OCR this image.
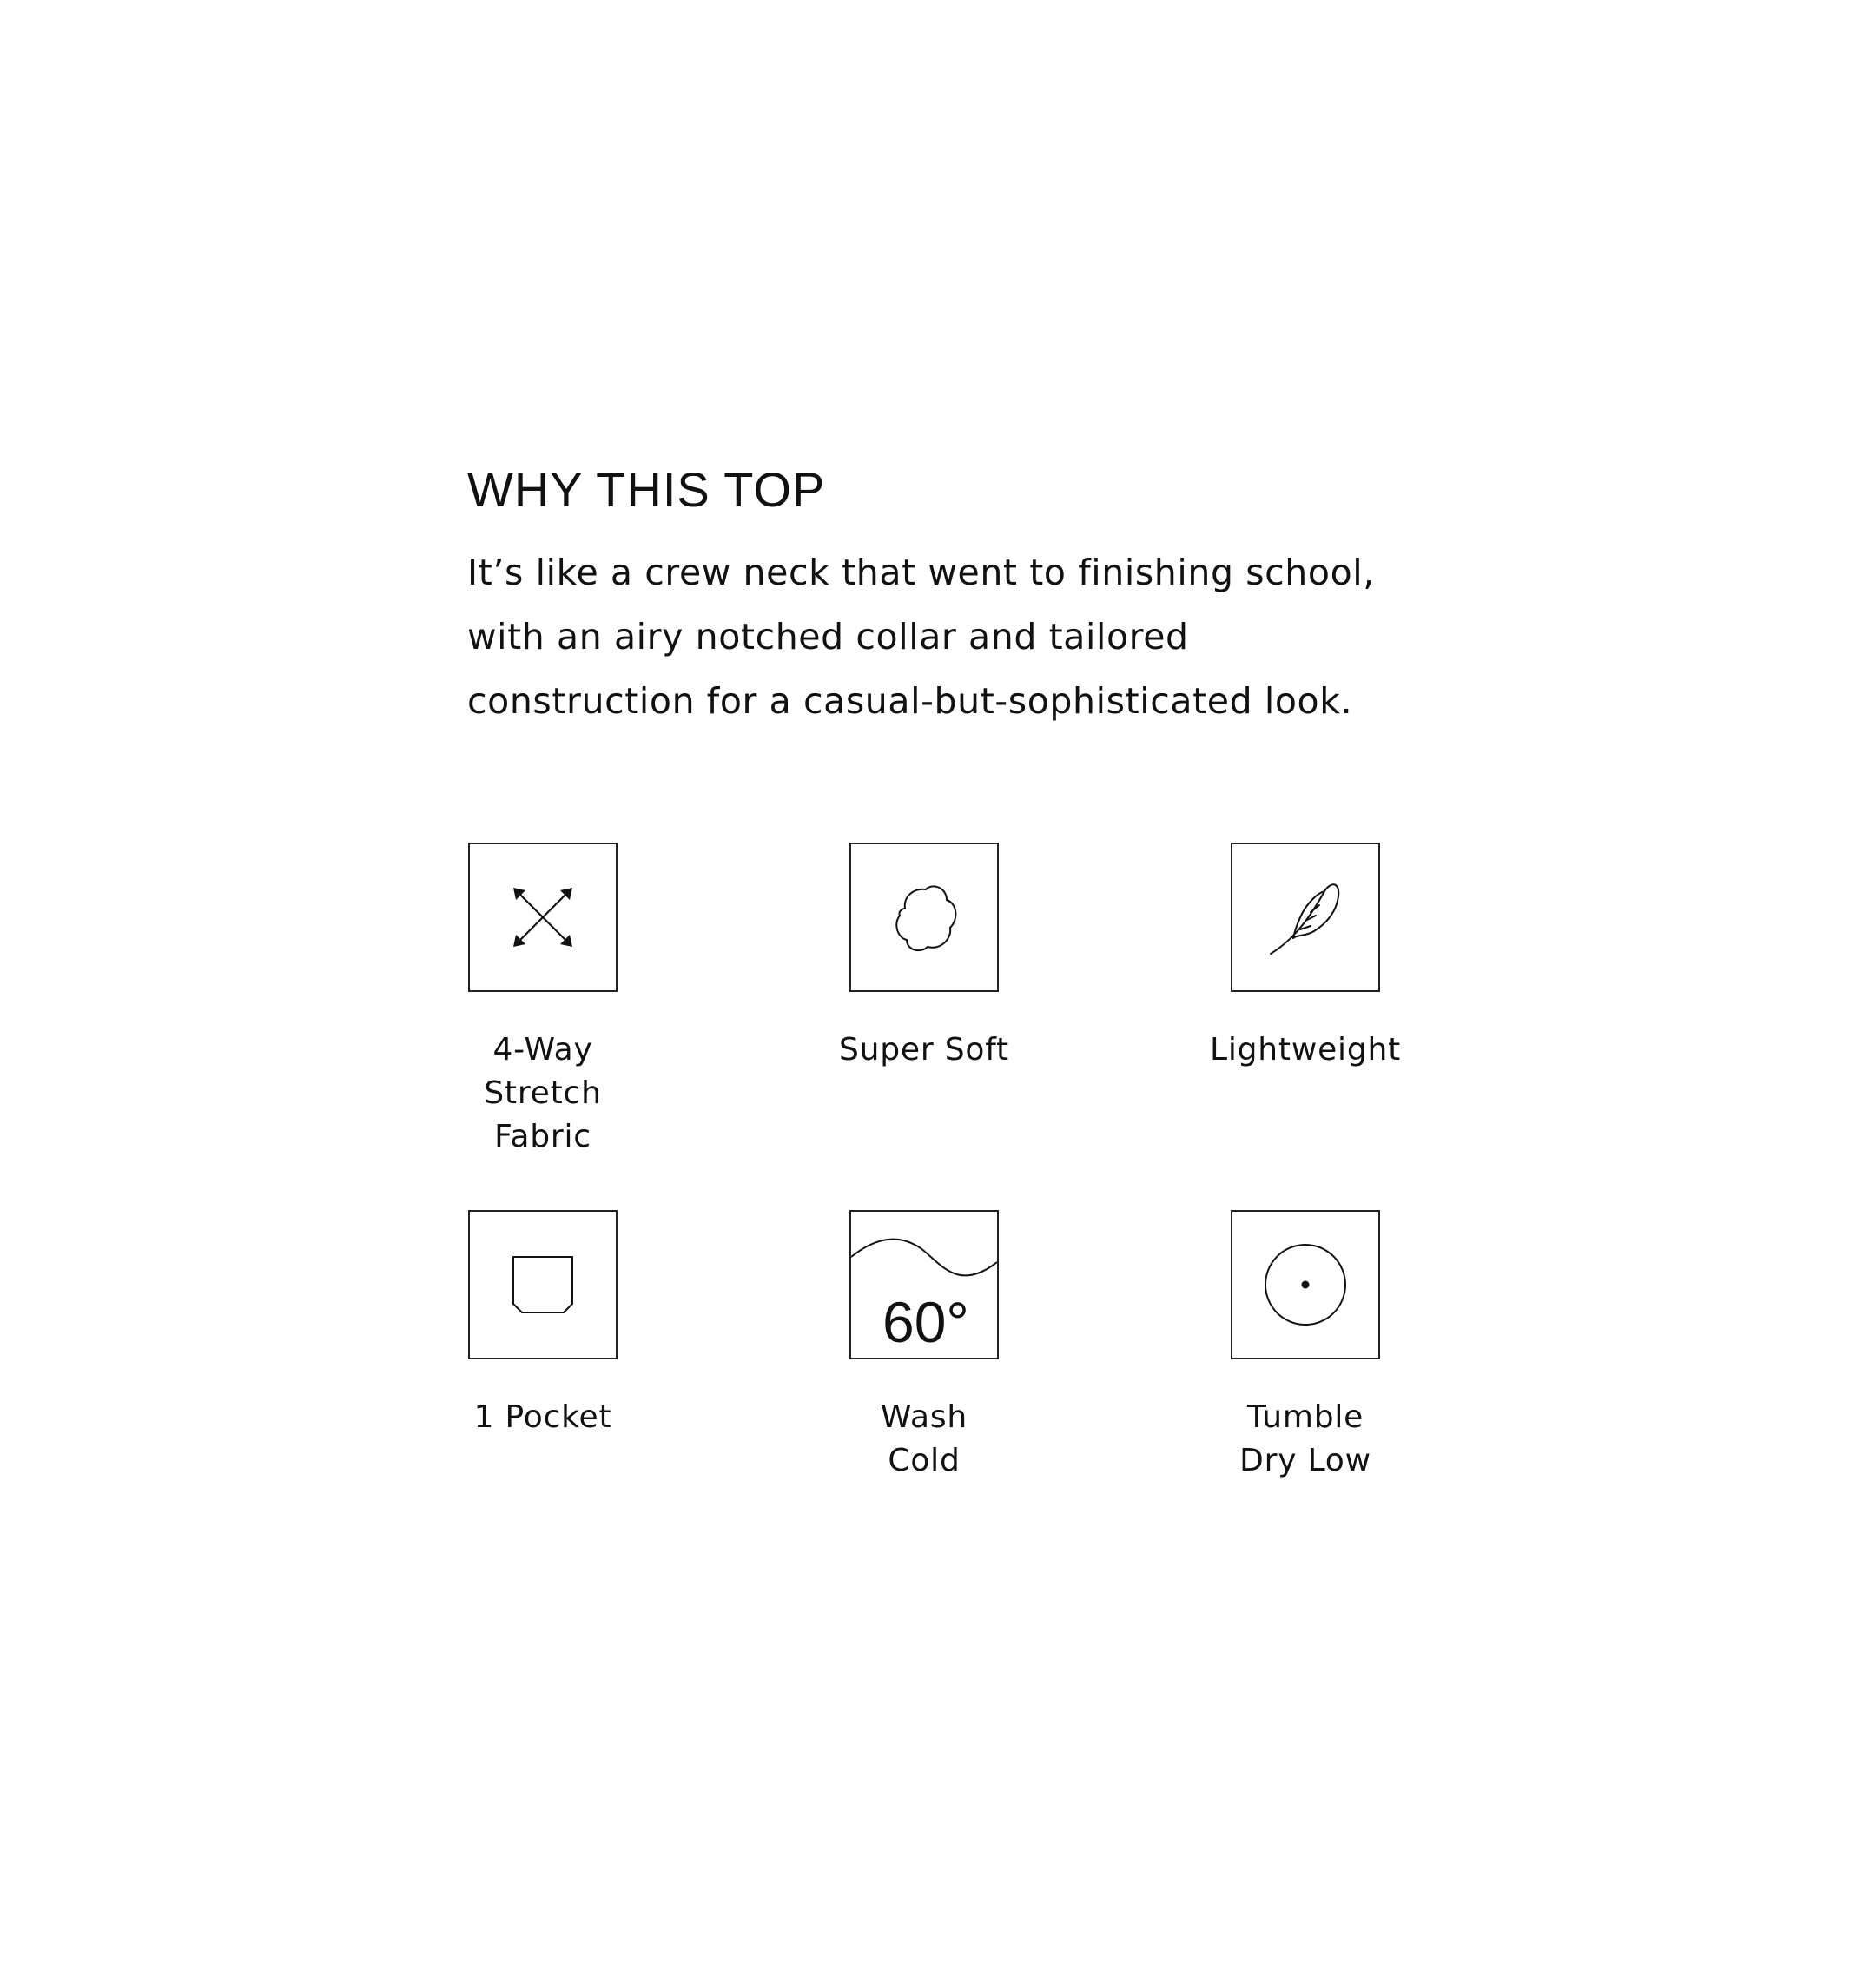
WHY THIS TOP

It’s like a crew neck that went to finishing school, with an airy notched collar and tailored construction for a casual-but-sophisticated look.

4-Way
Stretch
Fabric
Super Soft	Lightweight
1 Pocket
60°
Wash
Cold
Tumble
Dry Low
